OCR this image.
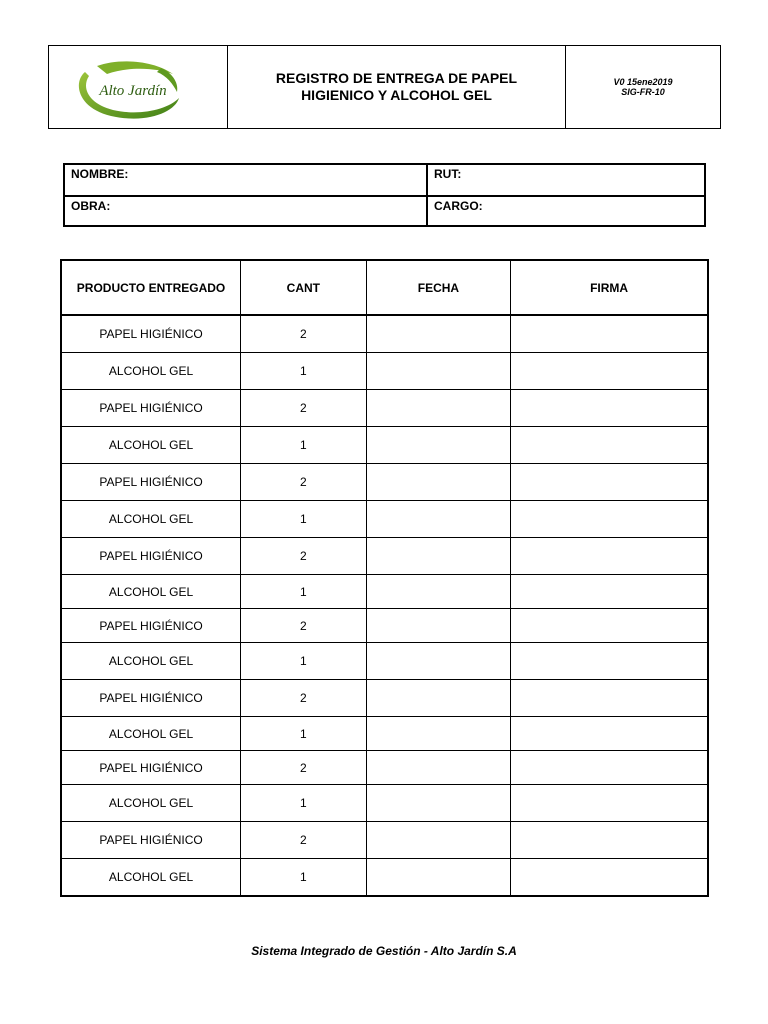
Alto Jardín
REGISTRO DE ENTREGA DE PAPEL
HIGIENICO Y ALCOHOL GEL
V0 15ene2019
SIG-FR-10
NOMBRE:	RUT:
OBRA:	CARGO:
PRODUCTO ENTREGADO	CANT	FECHA	FIRMA
PAPEL HIGIÉNICO	2		
ALCOHOL GEL	1		
PAPEL HIGIÉNICO	2		
ALCOHOL GEL	1		
PAPEL HIGIÉNICO	2		
ALCOHOL GEL	1		
PAPEL HIGIÉNICO	2		
ALCOHOL GEL	1		
PAPEL HIGIÉNICO	2		
ALCOHOL GEL	1		
PAPEL HIGIÉNICO	2		
ALCOHOL GEL	1		
PAPEL HIGIÉNICO	2		
ALCOHOL GEL	1		
PAPEL HIGIÉNICO	2		
ALCOHOL GEL	1		
Sistema Integrado de Gestión - Alto Jardín S.A
